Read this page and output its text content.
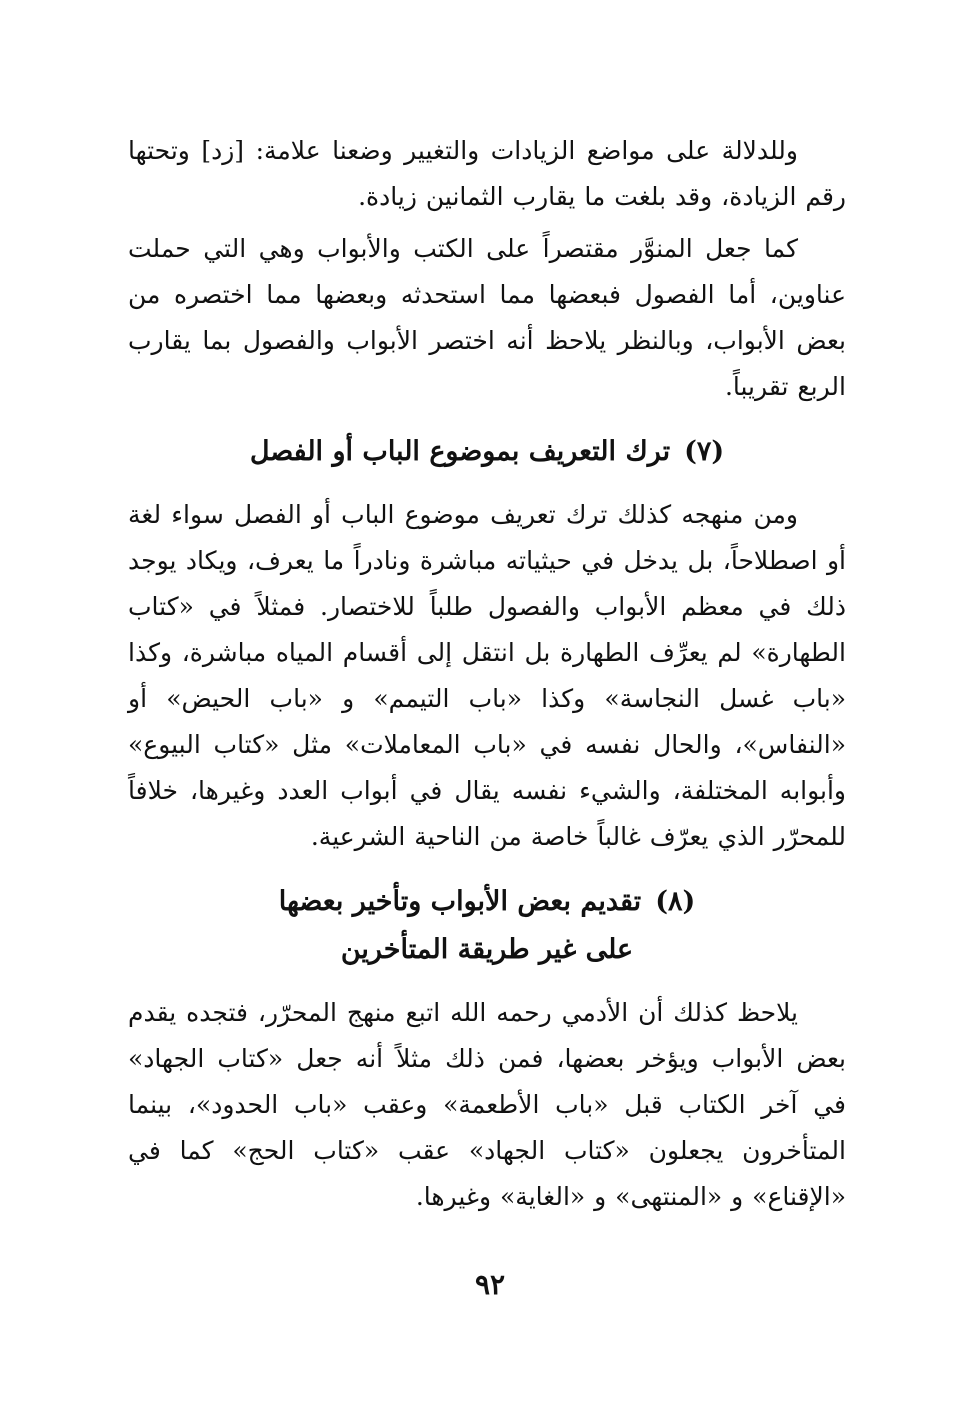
وللدلالة على مواضع الزيادات والتغيير وضعنا علامة: [زد] وتحتها رقم الزيادة، وقد بلغت ما يقارب الثمانين زيادة.

كما جعل المنوَّر مقتصراً على الكتب والأبواب وهي التي حملت عناوين، أما الفصول فبعضها مما استحدثه وبعضها مما اختصره من بعض الأبواب، وبالنظر يلاحظ أنه اختصر الأبواب والفصول بما يقارب الربع تقريباً.

(٧)ترك التعريف بموضوع الباب أو الفصل

ومن منهجه كذلك ترك تعريف موضوع الباب أو الفصل سواء لغة أو اصطلاحاً، بل يدخل في حيثياته مباشرة ونادراً ما يعرف، ويكاد يوجد ذلك في معظم الأبواب والفصول طلباً للاختصار. فمثلاً في «كتاب الطهارة» لم يعرِّف الطهارة بل انتقل إلى أقسام المياه مباشرة، وكذا «باب غسل النجاسة» وكذا «باب التيمم» و «باب الحيض» أو «النفاس»، والحال نفسه في «باب المعاملات» مثل «كتاب البيوع» وأبوابه المختلفة، والشيء نفسه يقال في أبواب العدد وغيرها، خلافاً للمحرّر الذي يعرّف غالباً خاصة من الناحية الشرعية.

(٨)تقديم بعض الأبواب وتأخير بعضها
على غير طريقة المتأخرين

يلاحظ كذلك أن الأدمي رحمه الله اتبع منهج المحرّر، فتجده يقدم بعض الأبواب ويؤخر بعضها، فمن ذلك مثلاً أنه جعل «كتاب الجهاد» في آخر الكتاب قبل «باب الأطعمة» وعقب «باب الحدود»، بينما المتأخرون يجعلون «كتاب الجهاد» عقب «كتاب الحج» كما في «الإقناع» و «المنتهى» و «الغاية» وغيرها.

٩٢
